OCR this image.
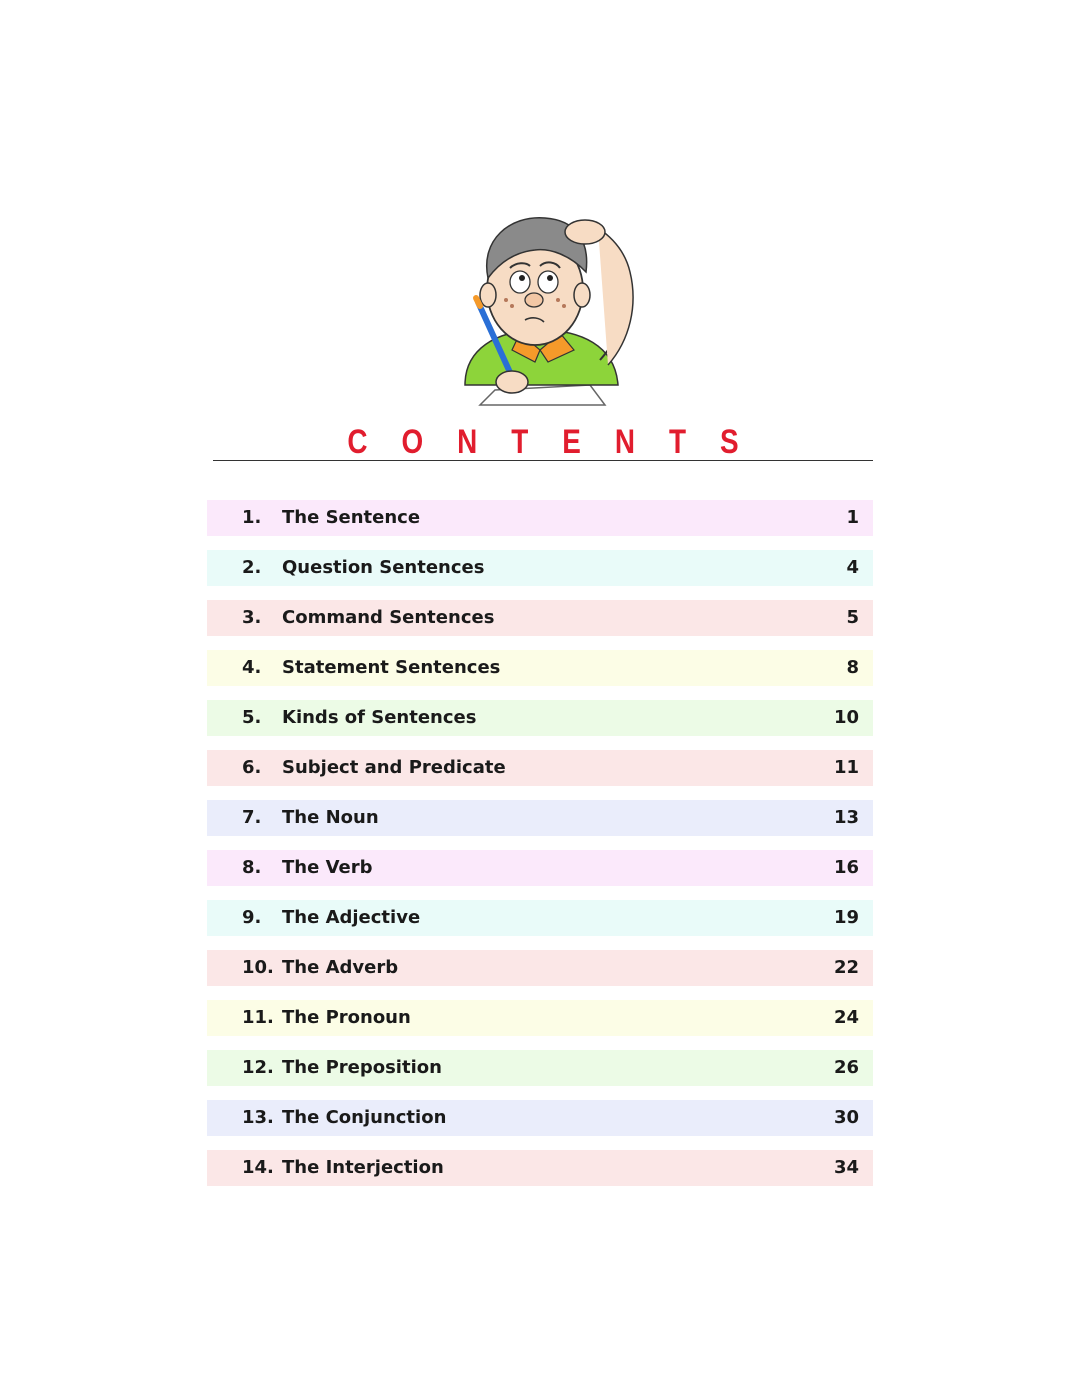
C O N T E N T S
1. The Sentence	1
2. Question Sentences	4
3. Command Sentences	5
4. Statement Sentences	8
5. Kinds of Sentences	10
6. Subject and Predicate	11
7. The Noun	13
8. The Verb	16
9. The Adjective	19
10. The Adverb	22
11. The Pronoun	24
12. The Preposition	26
13. The Conjunction	30
14. The Interjection	34
